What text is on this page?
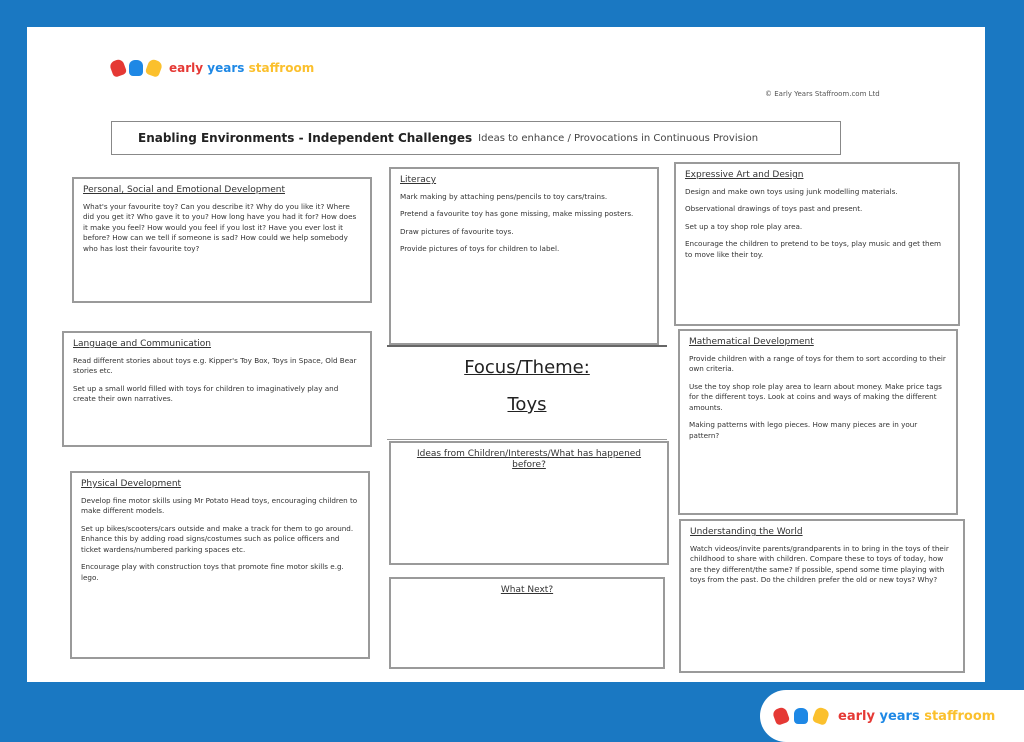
early years staffroom
© Early Years Staffroom.com Ltd
Enabling Environments - Independent Challenges Ideas to enhance / Provocations in Continuous Provision
Personal, Social and Emotional Development

What's your favourite toy? Can you describe it? Why do you like it? Where did you get it? Who gave it to you? How long have you had it for? How does it make you feel? How would you feel if you lost it? Have you ever lost it before? How can we tell if someone is sad? How could we help somebody who has lost their favourite toy?

Literacy

Mark making by attaching pens/pencils to toy cars/trains.

Pretend a favourite toy has gone missing, make missing posters.

Draw pictures of favourite toys.

Provide pictures of toys for children to label.

Expressive Art and Design

Design and make own toys using junk modelling materials.

Observational drawings of toys past and present.

Set up a toy shop role play area.

Encourage the children to pretend to be toys, play music and get them to move like their toy.

Language and Communication

Read different stories about toys e.g. Kipper's Toy Box, Toys in Space, Old Bear stories etc.

Set up a small world filled with toys for children to imaginatively play and create their own narratives.

Focus/Theme:
Toys
Mathematical Development

Provide children with a range of toys for them to sort according to their own criteria.

Use the toy shop role play area to learn about money. Make price tags for the different toys. Look at coins and ways of making the different amounts.

Making patterns with lego pieces. How many pieces are in your pattern?

Physical Development

Develop fine motor skills using Mr Potato Head toys, encouraging children to make different models.

Set up bikes/scooters/cars outside and make a track for them to go around. Enhance this by adding road signs/costumes such as police officers and ticket wardens/numbered parking spaces etc.

Encourage play with construction toys that promote fine motor skills e.g. lego.

Ideas from Children/Interests/What has happened before?
Understanding the World

Watch videos/invite parents/grandparents in to bring in the toys of their childhood to share with children. Compare these to toys of today, how are they different/the same? If possible, spend some time playing with toys from the past. Do the children prefer the old or new toys? Why?

What Next?
early years staffroom
